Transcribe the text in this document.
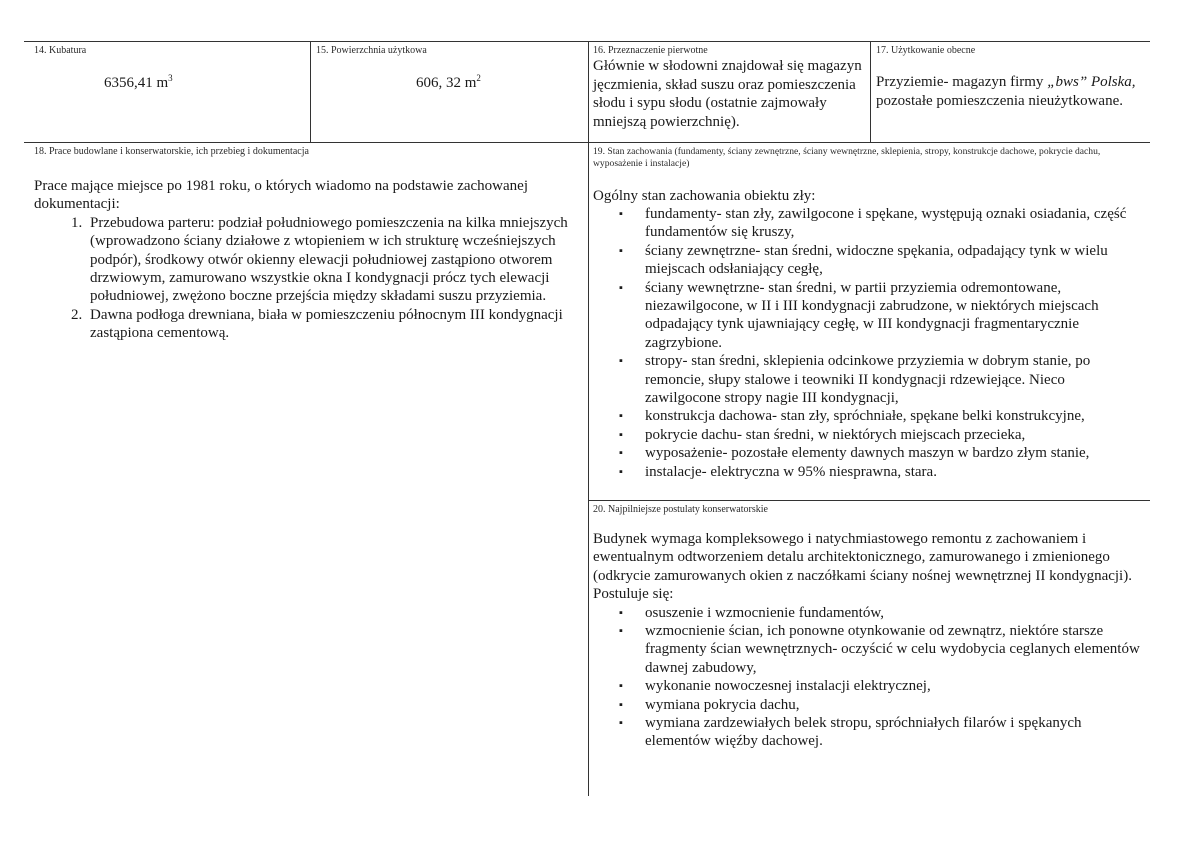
14. Kubatura
6356,41 $m^3$
15. Powierzchnia użytkowa
606, 32 $m^2$
16. Przeznaczenie pierwotne

Głównie w słodowni znajdował się magazyn jęczmienia, skład suszu oraz pomieszczenia słodu i sypu słodu (ostatnie zajmowały mniejszą powierzchnię).

17. Użytkowanie obecne

Przyziemie- magazyn firmy „bws” Polska, pozostałe pomieszczenia nieużytkowane.

18. Prace budowlane i konserwatorskie, ich przebieg i dokumentacja

Prace mające miejsce po 1981 roku, o których wiadomo na podstawie zachowanej dokumentacji:

1. Przebudowa parteru: podział południowego pomieszczenia na kilka mniejszych (wprowadzono ściany działowe z wtopieniem w ich strukturę wcześniejszych podpór), środkowy otwór okienny elewacji południowej zastąpiono otworem drzwiowym, zamurowano wszystkie okna I kondygnacji prócz tych elewacji południowej, zwężono boczne przejścia między składami suszu przyziemia.
2. Dawna podłoga drewniana, biała w pomieszczeniu północnym III kondygnacji zastąpiona cementową.
19. Stan zachowania (fundamenty, ściany zewnętrzne, ściany wewnętrzne, sklepienia, stropy, konstrukcje dachowe, pokrycie dachu, wyposażenie i instalacje)

Ogólny stan zachowania obiektu zły:

▪ fundamenty- stan zły, zawilgocone i spękane, występują oznaki osiadania, część fundamentów się kruszy,
▪ ściany zewnętrzne- stan średni, widoczne spękania, odpadający tynk w wielu miejscach odsłaniający cegłę,
▪ ściany wewnętrzne- stan średni, w partii przyziemia odremontowane, niezawilgocone, w II i III kondygnacji zabrudzone, w niektórych miejscach odpadający tynk ujawniający cegłę, w III kondygnacji fragmentarycznie zagrzybione.
▪ stropy- stan średni, sklepienia odcinkowe przyziemia w dobrym stanie, po remoncie, słupy stalowe i teowniki II kondygnacji rdzewiejące. Nieco zawilgocone stropy nagie III kondygnacji,
▪ konstrukcja dachowa- stan zły, spróchniałe, spękane belki konstrukcyjne,
▪ pokrycie dachu- stan średni, w niektórych miejscach przecieka,
▪ wyposażenie- pozostałe elementy dawnych maszyn w bardzo złym stanie,
▪ instalacje- elektryczna w 95% niesprawna, stara.
20. Najpilniejsze postulaty konserwatorskie

Budynek wymaga kompleksowego i natychmiastowego remontu z zachowaniem i ewentualnym odtworzeniem detalu architektonicznego, zamurowanego i zmienionego (odkrycie zamurowanych okien z naczółkami ściany nośnej wewnętrznej II kondygnacji). Postuluje się:

▪ osuszenie i wzmocnienie fundamentów,
▪ wzmocnienie ścian, ich ponowne otynkowanie od zewnątrz, niektóre starsze fragmenty ścian wewnętrznych- oczyścić w celu wydobycia ceglanych elementów dawnej zabudowy,
▪ wykonanie nowoczesnej instalacji elektrycznej,
▪ wymiana pokrycia dachu,
▪ wymiana zardzewiałych belek stropu, spróchniałych filarów i spękanych elementów więźby dachowej.
